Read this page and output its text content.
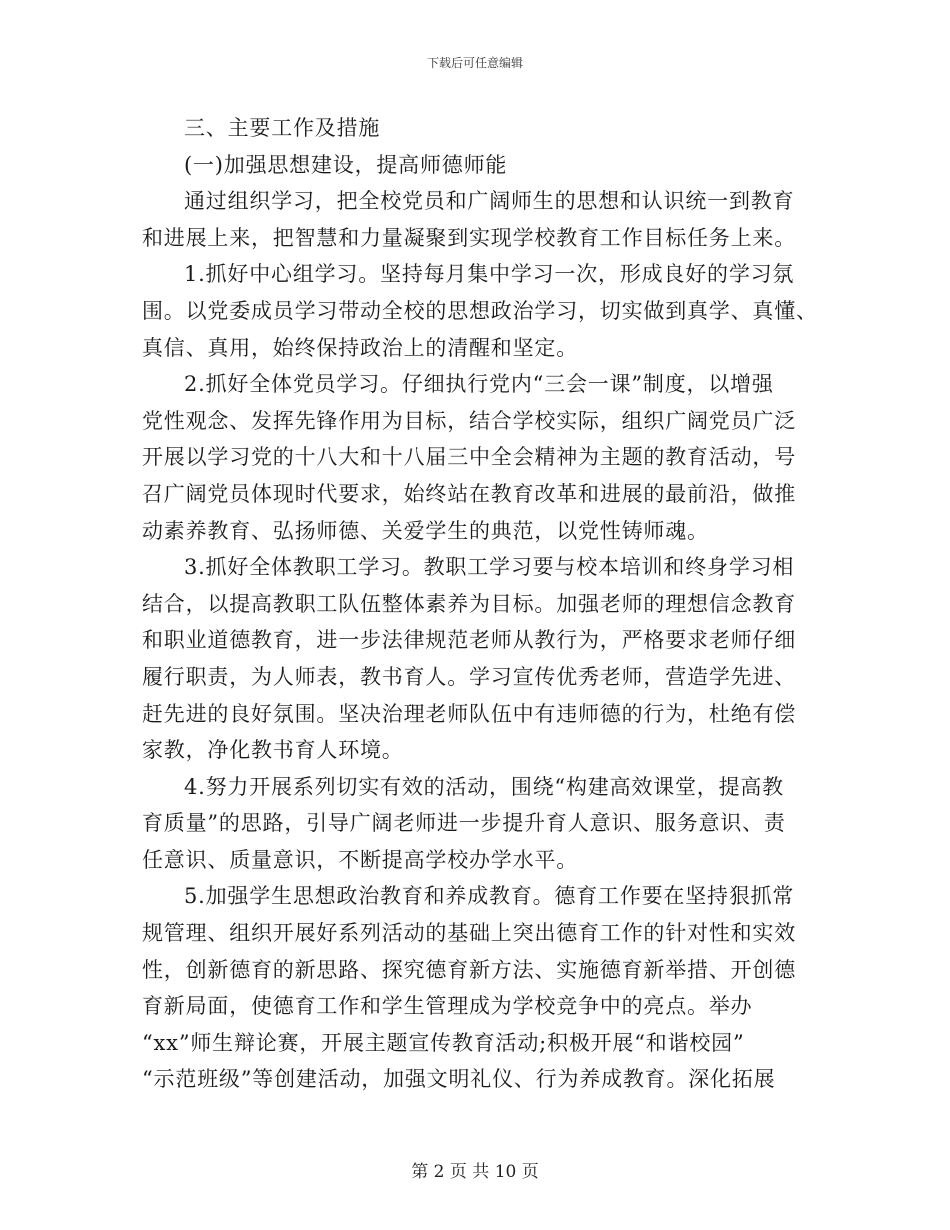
下载后可任意编辑
三、主要工作及措施
(一)加强思想建设，提高师德师能
通过组织学习，把全校党员和广阔师生的思想和认识统一到教育
和进展上来，把智慧和力量凝聚到实现学校教育工作目标任务上来。
1.抓好中心组学习。坚持每月集中学习一次，形成良好的学习氛
围。以党委成员学习带动全校的思想政治学习，切实做到真学、真懂、
真信、真用，始终保持政治上的清醒和坚定。
2.抓好全体党员学习。仔细执行党内“三会一课”制度，以增强
党性观念、发挥先锋作用为目标，结合学校实际，组织广阔党员广泛
开展以学习党的十八大和十八届三中全会精神为主题的教育活动，号
召广阔党员体现时代要求，始终站在教育改革和进展的最前沿，做推
动素养教育、弘扬师德、关爱学生的典范，以党性铸师魂。
3.抓好全体教职工学习。教职工学习要与校本培训和终身学习相
结合，以提高教职工队伍整体素养为目标。加强老师的理想信念教育
和职业道德教育，进一步法律规范老师从教行为，严格要求老师仔细
履行职责，为人师表，教书育人。学习宣传优秀老师，营造学先进、
赶先进的良好氛围。坚决治理老师队伍中有违师德的行为，杜绝有偿
家教，净化教书育人环境。
4.努力开展系列切实有效的活动，围绕“构建高效课堂，提高教
育质量”的思路，引导广阔老师进一步提升育人意识、服务意识、责
任意识、质量意识，不断提高学校办学水平。
5.加强学生思想政治教育和养成教育。德育工作要在坚持狠抓常
规管理、组织开展好系列活动的基础上突出德育工作的针对性和实效
性，创新德育的新思路、探究德育新方法、实施德育新举措、开创德
育新局面，使德育工作和学生管理成为学校竞争中的亮点。举办
“xx”师生辩论赛，开展主题宣传教育活动;积极开展“和谐校园”
“示范班级”等创建活动，加强文明礼仪、行为养成教育。深化拓展
第 2 页 共 10 页
